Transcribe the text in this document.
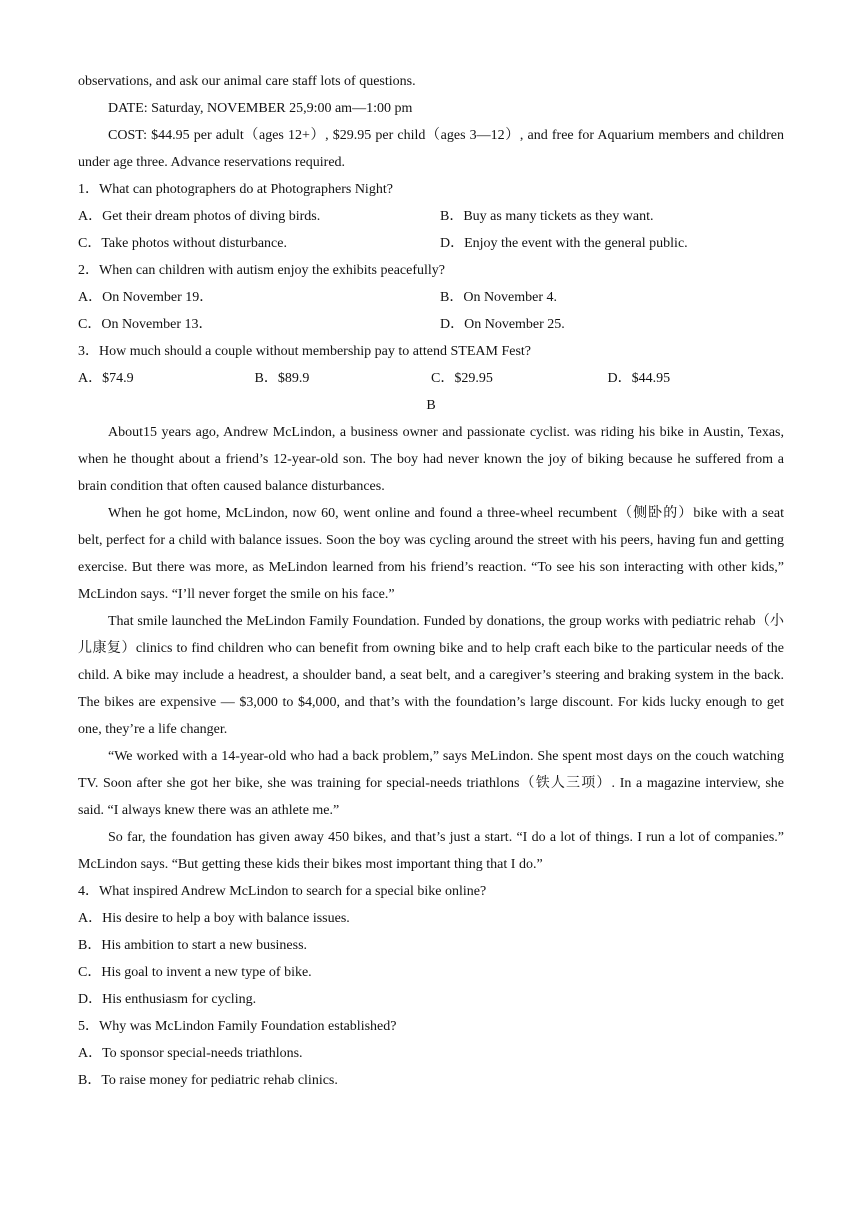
observations, and ask our animal care staff lots of questions.
DATE: Saturday, NOVEMBER 25,9:00 am—1:00 pm
COST: $44.95 per adult（ages 12+）, $29.95 per child（ages 3—12）, and free for Aquarium members and children under age three. Advance reservations required.
1．What can photographers do at Photographers Night?
A．Get their dream photos of diving birds.	B．Buy as many tickets as they want.
C．Take photos without disturbance.	D．Enjoy the event with the general public.
2．When can children with autism enjoy the exhibits peacefully?
A．On November 19．	B．On November 4.
C．On November 13．	D．On November 25.
3．How much should a couple without membership pay to attend STEAM Fest?
A．$74.9	B．$89.9	C．$29.95	D．$44.95
B
About15 years ago, Andrew McLindon, a business owner and passionate cyclist. was riding his bike in Austin, Texas, when he thought about a friend’s 12-year-old son. The boy had never known the joy of biking because he suffered from a brain condition that often caused balance disturbances.
When he got home, McLindon, now 60, went online and found a three-wheel recumbent（侧卧的）bike with a seat belt, perfect for a child with balance issues. Soon the boy was cycling around the street with his peers, having fun and getting exercise. But there was more, as MeLindon learned from his friend’s reaction. “To see his son interacting with other kids,” McLindon says. “I’ll never forget the smile on his face.”
That smile launched the MeLindon Family Foundation. Funded by donations, the group works with pediatric rehab（小儿康复）clinics to find children who can benefit from owning bike and to help craft each bike to the particular needs of the child. A bike may include a headrest, a shoulder band, a seat belt, and a caregiver’s steering and braking system in the back. The bikes are expensive — $3,000 to $4,000, and that’s with the foundation’s large discount. For kids lucky enough to get one, they’re a life changer.
“We worked with a 14-year-old who had a back problem,” says MeLindon. She spent most days on the couch watching TV. Soon after she got her bike, she was training for special-needs triathlons（铁人三项）. In a magazine interview, she said. “I always knew there was an athlete me.”
So far, the foundation has given away 450 bikes, and that’s just a start. “I do a lot of things. I run a lot of companies.” McLindon says. “But getting these kids their bikes most important thing that I do.”
4．What inspired Andrew McLindon to search for a special bike online?
A．His desire to help a boy with balance issues.
B．His ambition to start a new business.
C．His goal to invent a new type of bike.
D．His enthusiasm for cycling.
5．Why was McLindon Family Foundation established?
A．To sponsor special-needs triathlons.
B．To raise money for pediatric rehab clinics.
